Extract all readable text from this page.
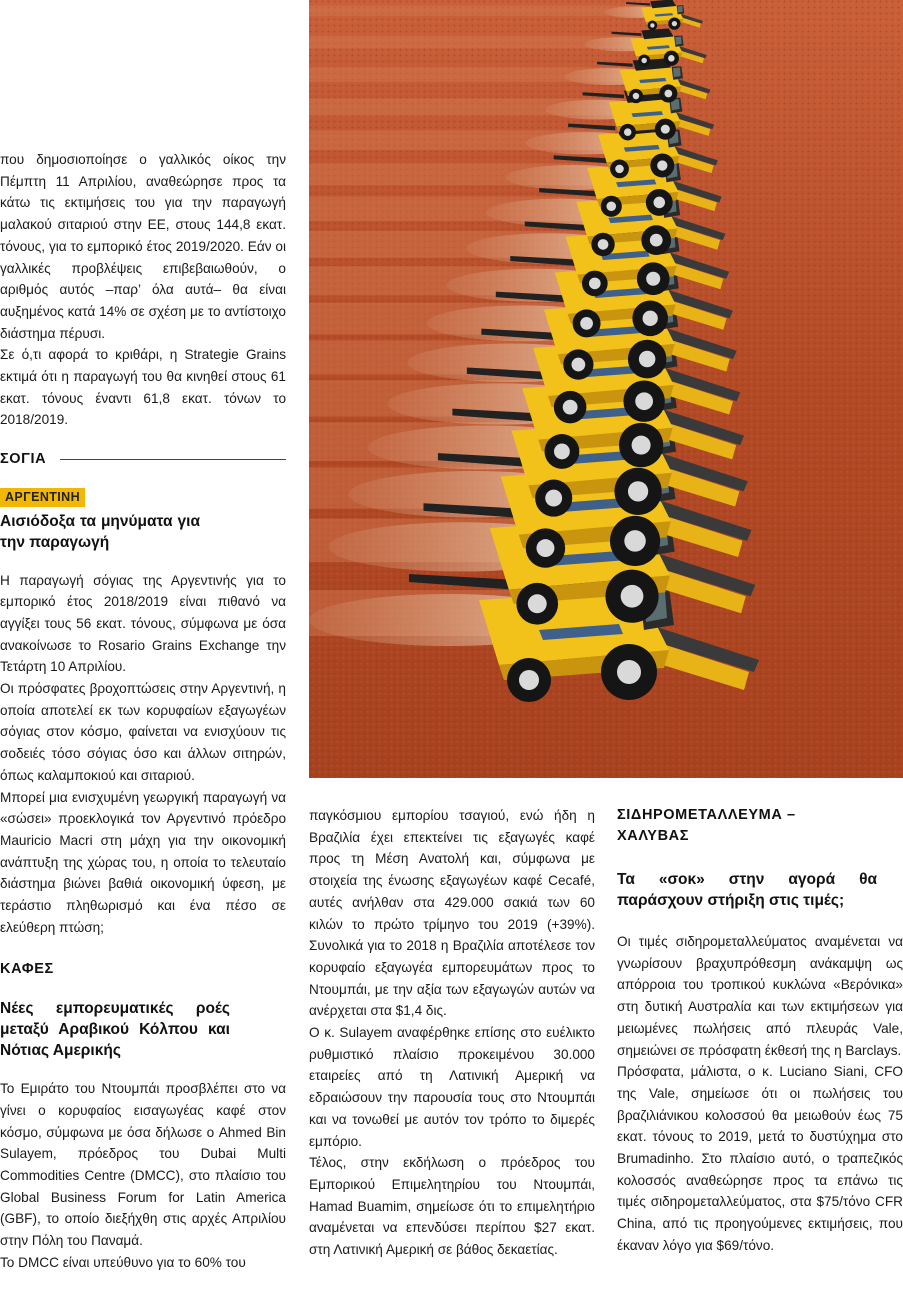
που δημοσιοποίησε ο γαλλικός οίκος την Πέμπτη 11 Απριλίου, αναθεώρησε προς τα κάτω τις εκτιμήσεις του για την παραγωγή μαλακού σιταριού στην ΕΕ, στους 144,8 εκατ. τόνους, για το εμπορικό έτος 2019/2020. Εάν οι γαλλικές προβλέψεις επιβεβαιωθούν, ο αριθμός αυτός –παρ’ όλα αυτά– θα είναι αυξημένος κατά 14% σε σχέση με το αντίστοιχο διάστημα πέρυσι.

Σε ό,τι αφορά το κριθάρι, η Strategie Grains εκτιμά ότι η παραγωγή του θα κινηθεί στους 61 εκατ. τόνους έναντι 61,8 εκατ. τόνων το 2018/2019.

ΣΟΓΙΑ
ΑΡΓΕΝΤΙΝΗ

Αισιόδοξα τα μηνύματα για την παραγωγή

Η παραγωγή σόγιας της Αργεντινής για το εμπορικό έτος 2018/2019 είναι πιθανό να αγγίξει τους 56 εκατ. τόνους, σύμφωνα με όσα ανακοίνωσε το Rosario Grains Exchange την Τετάρτη 10 Απριλίου.

Οι πρόσφατες βροχοπτώσεις στην Αργεντινή, η οποία αποτελεί εκ των κορυφαίων εξαγωγέων σόγιας στον κόσμο, φαίνεται να ενισχύουν τις σοδειές τόσο σόγιας όσο και άλλων σιτηρών, όπως καλαμποκιού και σιταριού.

Μπορεί μια ενισχυμένη γεωργική παραγωγή να «σώσει» προεκλογικά τον Αργεντινό πρόεδρο Mauricio Macri στη μάχη για την οικονομική ανάπτυξη της χώρας του, η οποία το τελευταίο διάστημα βιώνει βαθιά οικονομική ύφεση, με τεράστιο πληθωρισμό και ένα πέσο σε ελεύθερη πτώση;

ΚΑΦΕΣ

Νέες εμπορευματικές ροές μεταξύ Αραβικού Κόλπου και Νότιας Αμερικής

Το Εμιράτο του Ντουμπάι προσβλέπει στο να γίνει ο κορυφαίος εισαγωγέας καφέ στον κόσμο, σύμφωνα με όσα δήλωσε ο Ahmed Bin Sulayem, πρόεδρος του Dubai Multi Commodities Centre (DMCC), στο πλαίσιο του Global Business Forum for Latin America (GBF), το οποίο διεξήχθη στις αρχές Απριλίου στην Πόλη του Παναμά.

Το DMCC είναι υπεύθυνο για το 60% του

παγκόσμιου εμπορίου τσαγιού, ενώ ήδη η Βραζιλία έχει επεκτείνει τις εξαγωγές καφέ προς τη Μέση Ανατολή και, σύμφωνα με στοιχεία της ένωσης εξαγωγέων καφέ Cecafé, αυτές ανήλθαν στα 429.000 σακιά των 60 κιλών το πρώτο τρίμηνο του 2019 (+39%). Συνολικά για το 2018 η Βραζιλία αποτέλεσε τον κορυφαίο εξαγωγέα εμπορευμάτων προς το Ντουμπάι, με την αξία των εξαγωγών αυτών να ανέρχεται στα $1,4 δις.

Ο κ. Sulayem αναφέρθηκε επίσης στο ευέλικτο ρυθμιστικό πλαίσιο προκειμένου 30.000 εταιρείες από τη Λατινική Αμερική να εδραιώσουν την παρουσία τους στο Ντουμπάι και να τονωθεί με αυτόν τον τρόπο το διμερές εμπόριο.

Τέλος, στην εκδήλωση ο πρόεδρος του Εμπορικού Επιμελητηρίου του Ντουμπάι, Hamad Buamim, σημείωσε ότι το επιμελητήριο αναμένεται να επενδύσει περίπου $27 εκατ. στη Λατινική Αμερική σε βάθος δεκαετίας.

ΣΙΔΗΡΟΜΕΤΑΛΛΕΥΜΑ – ΧΑΛΥΒΑΣ

Τα «σοκ» στην αγορά θα παράσχουν στήριξη στις τιμές;

Οι τιμές σιδηρομεταλλεύματος αναμένεται να γνωρίσουν βραχυπρόθεσμη ανάκαμψη ως απόρροια του τροπικού κυκλώνα «Βερόνικα» στη δυτική Αυστραλία και των εκτιμήσεων για μειωμένες πωλήσεις από πλευράς Vale, σημειώνει σε πρόσφατη έκθεσή της η Barclays.

Πρόσφατα, μάλιστα, ο κ. Luciano Siani, CFO της Vale, σημείωσε ότι οι πωλήσεις του βραζιλιάνικου κολοσσού θα μειωθούν έως 75 εκατ. τόνους το 2019, μετά το δυστύχημα στο Brumadinho. Στο πλαίσιο αυτό, ο τραπεζικός κολοσσός αναθεώρησε προς τα επάνω τις τιμές σιδηρομεταλλεύματος, στα $75/τόνο CFR China, από τις προηγούμενες εκτιμήσεις, που έκαναν λόγο για $69/τόνο.
